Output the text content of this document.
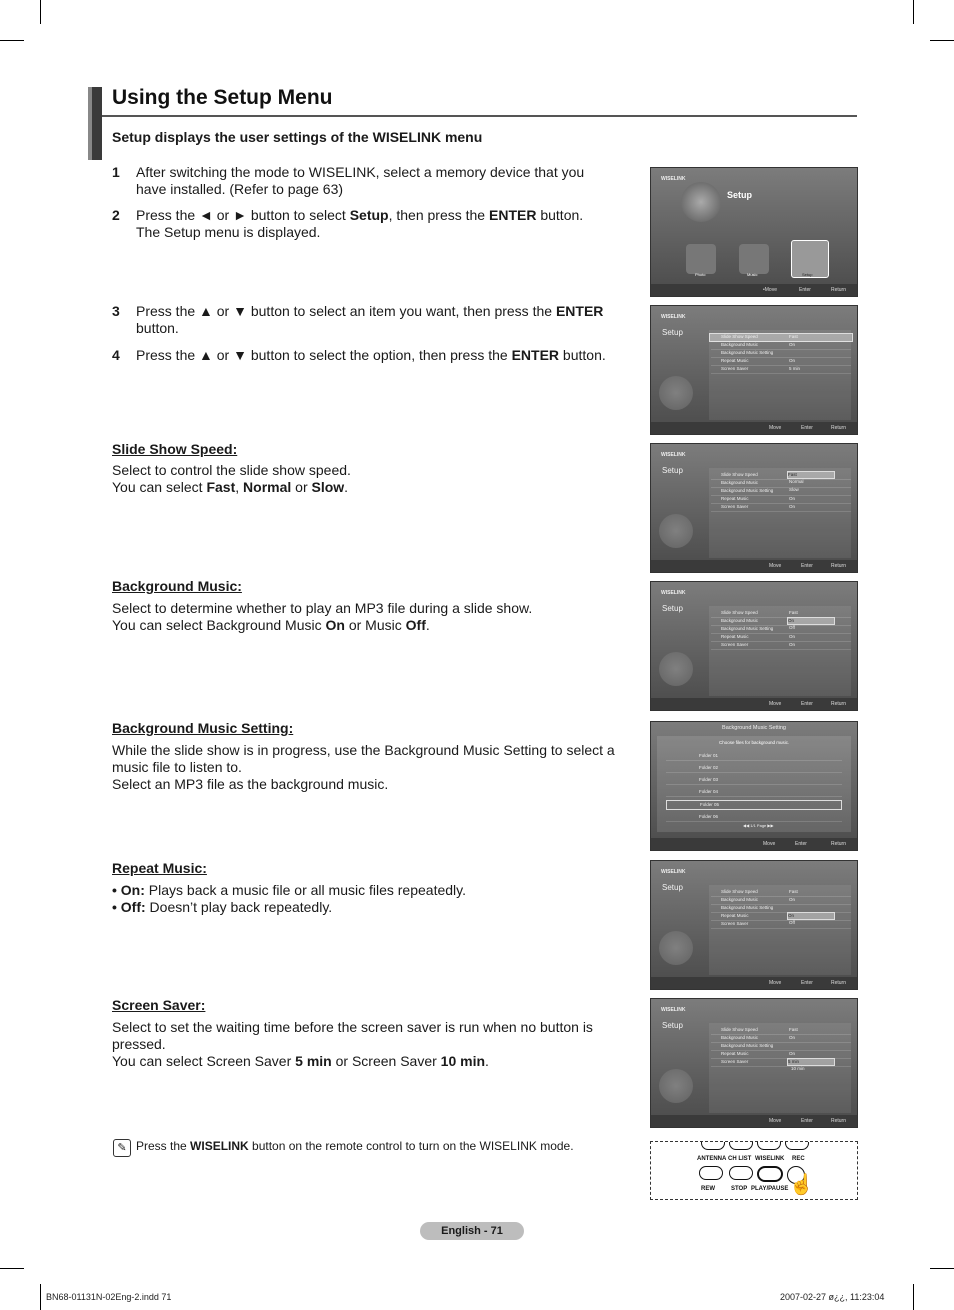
Using the Setup Menu
Setup displays the user settings of the WISELINK menu
1 After switching the mode to WISELINK, select a memory device that you have installed. (Refer to page 63)
2 Press the ◄ or ► button to select Setup, then press the ENTER button.
The Setup menu is displayed.
3 Press the ▲ or ▼ button to select an item you want, then press the ENTER button.
4 Press the ▲ or ▼ button to select the option, then press the ENTER button.
Slide Show Speed:
Select to control the slide show speed.
You can select Fast, Normal or Slow.
Background Music:
Select to determine whether to play an MP3 file during a slide show.
You can select Background Music On or Music Off.
Background Music Setting:
While the slide show is in progress, use the Background Music Setting to select a music file to listen to.
Select an MP3 file as the background music.
Repeat Music:
• On: Plays back a music file or all music files repeatedly.
• Off: Doesn’t play back repeatedly.
Screen Saver:
Select to set the waiting time before the screen saver is run when no button is pressed.
You can select Screen Saver 5 min or Screen Saver 10 min.
WISELINK
Setup
Photo	Music	Setup
•Move	Enter	Return
WISELINK
Setup	Slide Show Speed	Fast
Background Music	On
Background Music Setting
Repeat Music	On
Screen Saver	5 min
Move	Enter	Return
WISELINK
Setup	Slide Show Speed
Background Music
Background Music Setting
Repeat Music	On
Screen Saver	On
Fast
Normal
Slow
Move	Enter	Return
WISELINK
Setup	Slide Show Speed	Fast
Background Music
Background Music Setting
Repeat Music	On
Screen Saver	On
On
Off
Move	Enter	Return
Background Music Setting
Choose files for background music.
Folder 01
Folder 02
Folder 03
Folder 04
Folder 05
Folder 06
◀◀ 1/1 Page ▶▶
Move	Enter	Return
WISELINK
Setup	Slide Show Speed	Fast
Background Music	On
Background Music Setting
Repeat Music
Screen Saver
On
Off
Move	Enter	Return
WISELINK
Setup	Slide Show Speed	Fast
Background Music	On
Background Music Setting
Repeat Music	On
Screen Saver	5 min
10 min
Move	Enter	Return
ANTENNA CH LIST WISELINK REC
REW	STOP PLAY/PAUSE ☝
✎ Press the WISELINK button on the remote control to turn on the WISELINK mode.
English - 71
BN68-01131N-02Eng-2.indd 71	2007-02-27 ø¿¿, 11:23:04
